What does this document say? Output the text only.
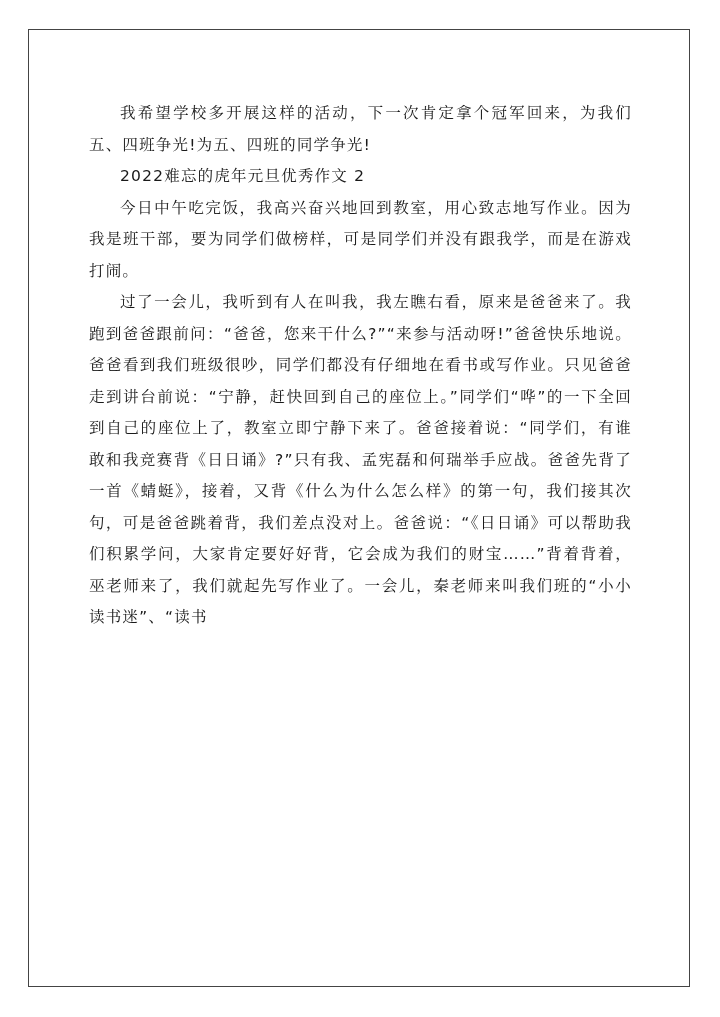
我希望学校多开展这样的活动，下一次肯定拿个冠军回来，为我们五、四班争光!为五、四班的同学争光!

2022难忘的虎年元旦优秀作文 2

今日中午吃完饭，我高兴奋兴地回到教室，用心致志地写作业。因为我是班干部，要为同学们做榜样，可是同学们并没有跟我学，而是在游戏打闹。

过了一会儿，我听到有人在叫我，我左瞧右看，原来是爸爸来了。我跑到爸爸跟前问：“爸爸，您来干什么?”“来参与活动呀!”爸爸快乐地说。爸爸看到我们班级很吵，同学们都没有仔细地在看书或写作业。只见爸爸走到讲台前说：“宁静，赶快回到自己的座位上。”同学们“哗”的一下全回到自己的座位上了，教室立即宁静下来了。爸爸接着说：“同学们，有谁敢和我竞赛背《日日诵》?”只有我、孟宪磊和何瑞举手应战。爸爸先背了一首《蜻蜓》，接着，又背《什么为什么怎么样》的第一句，我们接其次句，可是爸爸跳着背，我们差点没对上。爸爸说：“《日日诵》可以帮助我们积累学问，大家肯定要好好背，它会成为我们的财宝……”背着背着，巫老师来了，我们就起先写作业了。一会儿，秦老师来叫我们班的“小小读书迷”、“读书
